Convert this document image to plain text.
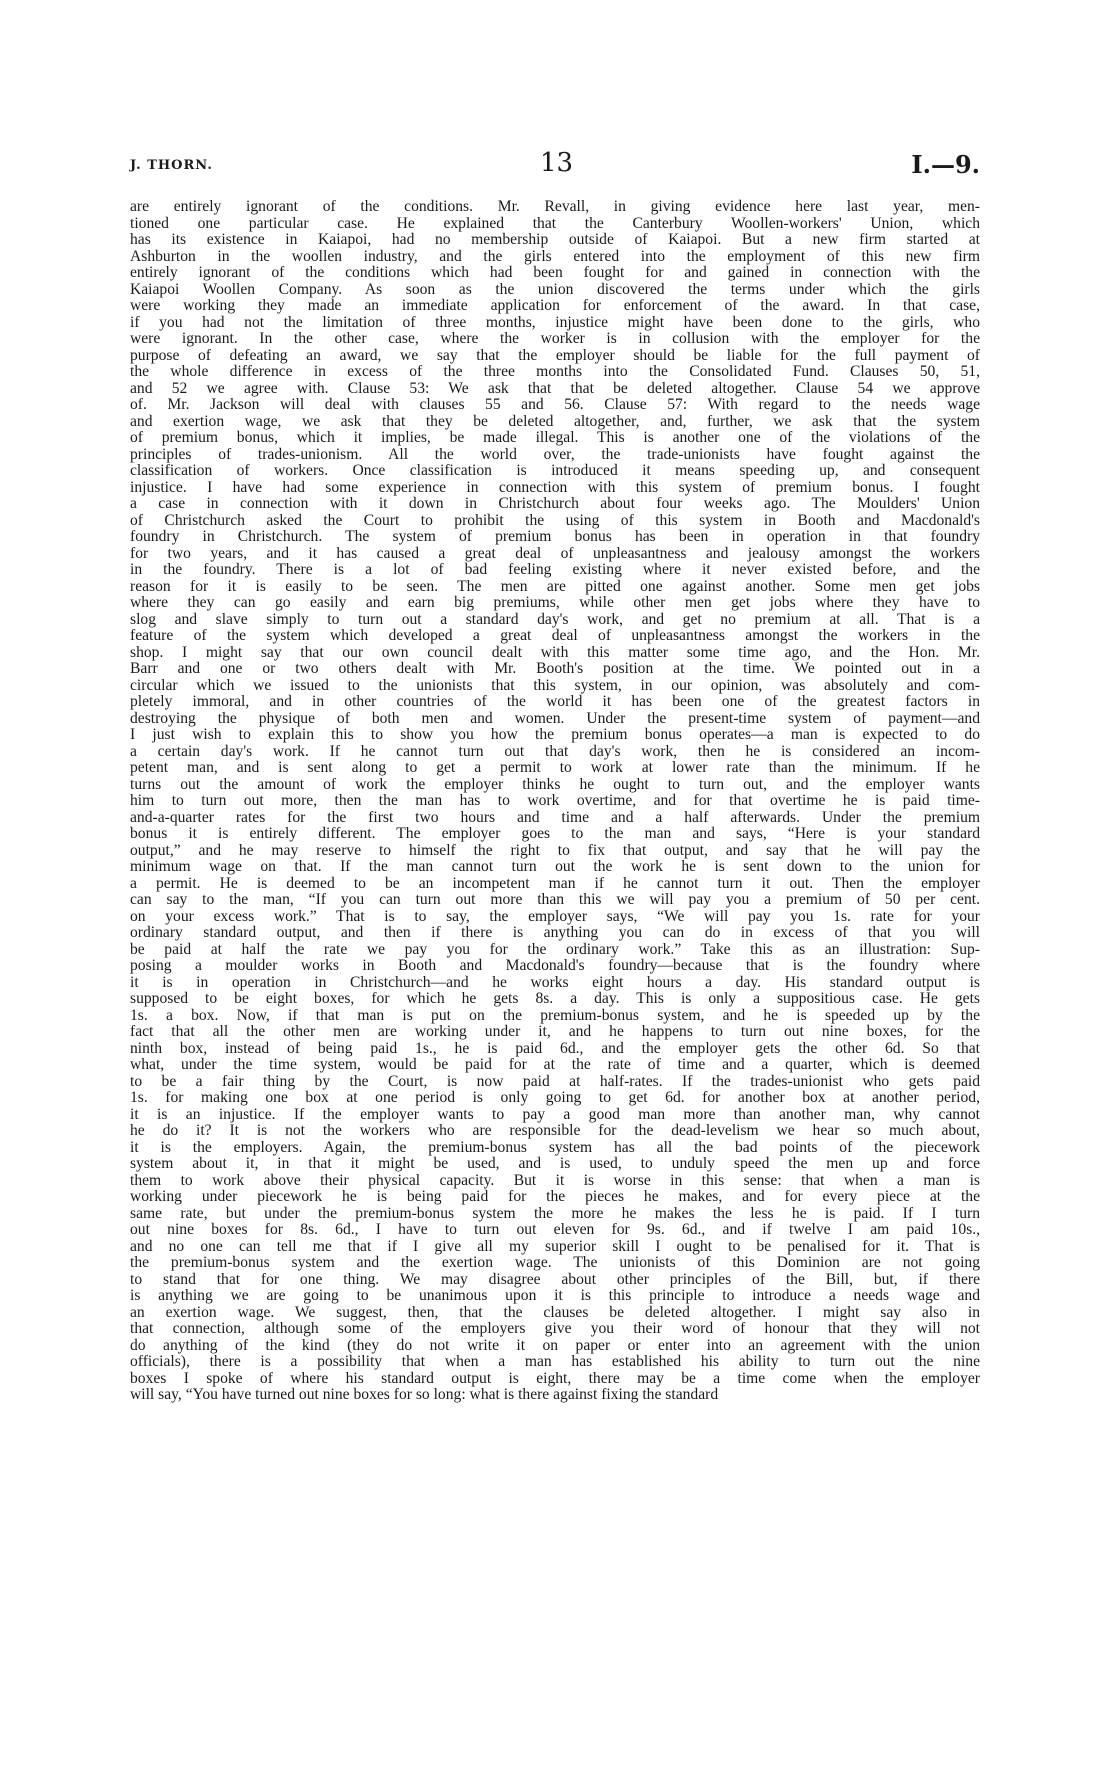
J. THORN.	13	I.—9.
are entirely ignorant of the conditions. Mr. Revall, in giving evidence here last year, men-
tioned one particular case. He explained that the Canterbury Woollen-workers' Union, which
has its existence in Kaiapoi, had no membership outside of Kaiapoi. But a new firm started at
Ashburton in the woollen industry, and the girls entered into the employment of this new firm
entirely ignorant of the conditions which had been fought for and gained in connection with the
Kaiapoi Woollen Company. As soon as the union discovered the terms under which the girls
were working they made an immediate application for enforcement of the award. In that case,
if you had not the limitation of three months, injustice might have been done to the girls, who
were ignorant. In the other case, where the worker is in collusion with the employer for the
purpose of defeating an award, we say that the employer should be liable for the full payment of
the whole difference in excess of the three months into the Consolidated Fund. Clauses 50, 51,
and 52 we agree with. Clause 53: We ask that that be deleted altogether. Clause 54 we approve
of. Mr. Jackson will deal with clauses 55 and 56. Clause 57: With regard to the needs wage
and exertion wage, we ask that they be deleted altogether, and, further, we ask that the system
of premium bonus, which it implies, be made illegal. This is another one of the violations of the
principles of trades-unionism. All the world over, the trade-unionists have fought against the
classification of workers. Once classification is introduced it means speeding up, and consequent
injustice. I have had some experience in connection with this system of premium bonus. I fought
a case in connection with it down in Christchurch about four weeks ago. The Moulders' Union
of Christchurch asked the Court to prohibit the using of this system in Booth and Macdonald's
foundry in Christchurch. The system of premium bonus has been in operation in that foundry
for two years, and it has caused a great deal of unpleasantness and jealousy amongst the workers
in the foundry. There is a lot of bad feeling existing where it never existed before, and the
reason for it is easily to be seen. The men are pitted one against another. Some men get jobs
where they can go easily and earn big premiums, while other men get jobs where they have to
slog and slave simply to turn out a standard day's work, and get no premium at all. That is a
feature of the system which developed a great deal of unpleasantness amongst the workers in the
shop. I might say that our own council dealt with this matter some time ago, and the Hon. Mr.
Barr and one or two others dealt with Mr. Booth's position at the time. We pointed out in a
circular which we issued to the unionists that this system, in our opinion, was absolutely and com-
pletely immoral, and in other countries of the world it has been one of the greatest factors in
destroying the physique of both men and women. Under the present-time system of payment—and
I just wish to explain this to show you how the premium bonus operates—a man is expected to do
a certain day's work. If he cannot turn out that day's work, then he is considered an incom-
petent man, and is sent along to get a permit to work at lower rate than the minimum. If he
turns out the amount of work the employer thinks he ought to turn out, and the employer wants
him to turn out more, then the man has to work overtime, and for that overtime he is paid time-
and-a-quarter rates for the first two hours and time and a half afterwards. Under the premium
bonus it is entirely different. The employer goes to the man and says, “Here is your standard
output,” and he may reserve to himself the right to fix that output, and say that he will pay the
minimum wage on that. If the man cannot turn out the work he is sent down to the union for
a permit. He is deemed to be an incompetent man if he cannot turn it out. Then the employer
can say to the man, “If you can turn out more than this we will pay you a premium of 50 per cent.
on your excess work.” That is to say, the employer says, “We will pay you 1s. rate for your
ordinary standard output, and then if there is anything you can do in excess of that you will
be paid at half the rate we pay you for the ordinary work.” Take this as an illustration: Sup-
posing a moulder works in Booth and Macdonald's foundry—because that is the foundry where
it is in operation in Christchurch—and he works eight hours a day. His standard output is
supposed to be eight boxes, for which he gets 8s. a day. This is only a suppositious case. He gets
1s. a box. Now, if that man is put on the premium-bonus system, and he is speeded up by the
fact that all the other men are working under it, and he happens to turn out nine boxes, for the
ninth box, instead of being paid 1s., he is paid 6d., and the employer gets the other 6d. So that
what, under the time system, would be paid for at the rate of time and a quarter, which is deemed
to be a fair thing by the Court, is now paid at half-rates. If the trades-unionist who gets paid
1s. for making one box at one period is only going to get 6d. for another box at another period,
it is an injustice. If the employer wants to pay a good man more than another man, why cannot
he do it? It is not the workers who are responsible for the dead-levelism we hear so much about,
it is the employers. Again, the premium-bonus system has all the bad points of the piecework
system about it, in that it might be used, and is used, to unduly speed the men up and force
them to work above their physical capacity. But it is worse in this sense: that when a man is
working under piecework he is being paid for the pieces he makes, and for every piece at the
same rate, but under the premium-bonus system the more he makes the less he is paid. If I turn
out nine boxes for 8s. 6d., I have to turn out eleven for 9s. 6d., and if twelve I am paid 10s.,
and no one can tell me that if I give all my superior skill I ought to be penalised for it. That is
the premium-bonus system and the exertion wage. The unionists of this Dominion are not going
to stand that for one thing. We may disagree about other principles of the Bill, but, if there
is anything we are going to be unanimous upon it is this principle to introduce a needs wage and
an exertion wage. We suggest, then, that the clauses be deleted altogether. I might say also in
that connection, although some of the employers give you their word of honour that they will not
do anything of the kind (they do not write it on paper or enter into an agreement with the union
officials), there is a possibility that when a man has established his ability to turn out the nine
boxes I spoke of where his standard output is eight, there may be a time come when the employer
will say, “You have turned out nine boxes for so long: what is there against fixing the standard
